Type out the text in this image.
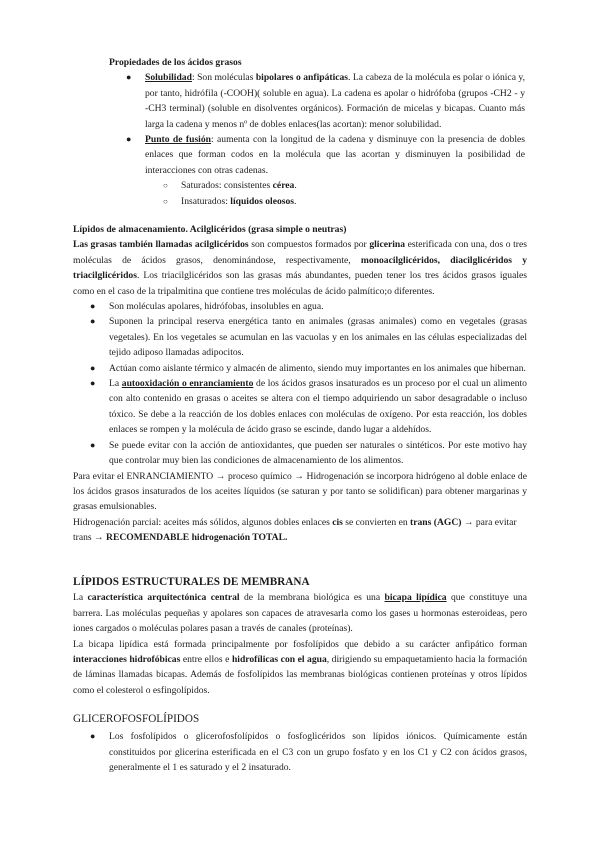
Propiedades de los ácidos grasos

● Solubilidad: Son moléculas bipolares o anfipáticas. La cabeza de la molécula es polar o iónica y, por tanto, hidrófila (-COOH)( soluble en agua). La cadena es apolar o hidrófoba (grupos -CH2 - y -CH3 terminal) (soluble en disolventes orgánicos). Formación de micelas y bicapas. Cuanto más larga la cadena y menos nº de dobles enlaces(las acortan): menor solubilidad.

● Punto de fusión: aumenta con la longitud de la cadena y disminuye con la presencia de dobles enlaces que forman codos en la molécula que las acortan y disminuyen la posibilidad de interacciones con otras cadenas.

○ Saturados: consistentes cérea.

○ Insaturados: líquidos oleosos.

Lípidos de almacenamiento. Acilglicéridos (grasa simple o neutras)

Las grasas también llamadas acilglicéridos son compuestos formados por glicerina esterificada con una, dos o tres moléculas de ácidos grasos, denominándose, respectivamente, monoacilglicéridos, diacilglicéridos y triacilglicéridos. Los triacilglicéridos son las grasas más abundantes, pueden tener los tres ácidos grasos iguales como en el caso de la tripalmitina que contiene tres moléculas de ácido palmítico;o diferentes.

● Son moléculas apolares, hidrófobas, insolubles en agua.

● Suponen la principal reserva energética tanto en animales (grasas animales) como en vegetales (grasas vegetales). En los vegetales se acumulan en las vacuolas y en los animales en las células especializadas del tejido adiposo llamadas adipocitos.

● Actúan como aislante térmico y almacén de alimento, siendo muy importantes en los animales que hibernan.

● La autooxidación o enranciamiento de los ácidos grasos insaturados es un proceso por el cual un alimento con alto contenido en grasas o aceites se altera con el tiempo adquiriendo un sabor desagradable o incluso tóxico. Se debe a la reacción de los dobles enlaces con moléculas de oxígeno. Por esta reacción, los dobles enlaces se rompen y la molécula de ácido graso se escinde, dando lugar a aldehídos.

● Se puede evitar con la acción de antioxidantes, que pueden ser naturales o sintéticos. Por este motivo hay que controlar muy bien las condiciones de almacenamiento de los alimentos.

Para evitar el ENRANCIAMIENTO → proceso químico → Hidrogenación se incorpora hidrógeno al doble enlace de los ácidos grasos insaturados de los aceites líquidos (se saturan y por tanto se solidifican) para obtener margarinas y grasas emulsionables.

Hidrogenación parcial: aceites más sólidos, algunos dobles enlaces cis se convierten en trans (AGC) → para evitar trans → RECOMENDABLE hidrogenación TOTAL.

LÍPIDOS ESTRUCTURALES DE MEMBRANA

La característica arquitectónica central de la membrana biológica es una bicapa lipídica que constituye una barrera. Las moléculas pequeñas y apolares son capaces de atravesarla como los gases u hormonas esteroideas, pero iones cargados o moléculas polares pasan a través de canales (proteínas).

La bicapa lipídica está formada principalmente por fosfolípidos que debido a su carácter anfipático forman interacciones hidrofóbicas entre ellos e hidrofílicas con el agua, dirigiendo su empaquetamiento hacia la formación de láminas llamadas bicapas. Además de fosfolípidos las membranas biológicas contienen proteínas y otros lípidos como el colesterol o esfingolípidos.

GLICEROFOSFOLÍPIDOS

● Los fosfolípidos o glicerofosfolípidos o fosfoglicéridos son lípidos iónicos. Químicamente están constituidos por glicerina esterificada en el C3 con un grupo fosfato y en los C1 y C2 con ácidos grasos, generalmente el 1 es saturado y el 2 insaturado.
